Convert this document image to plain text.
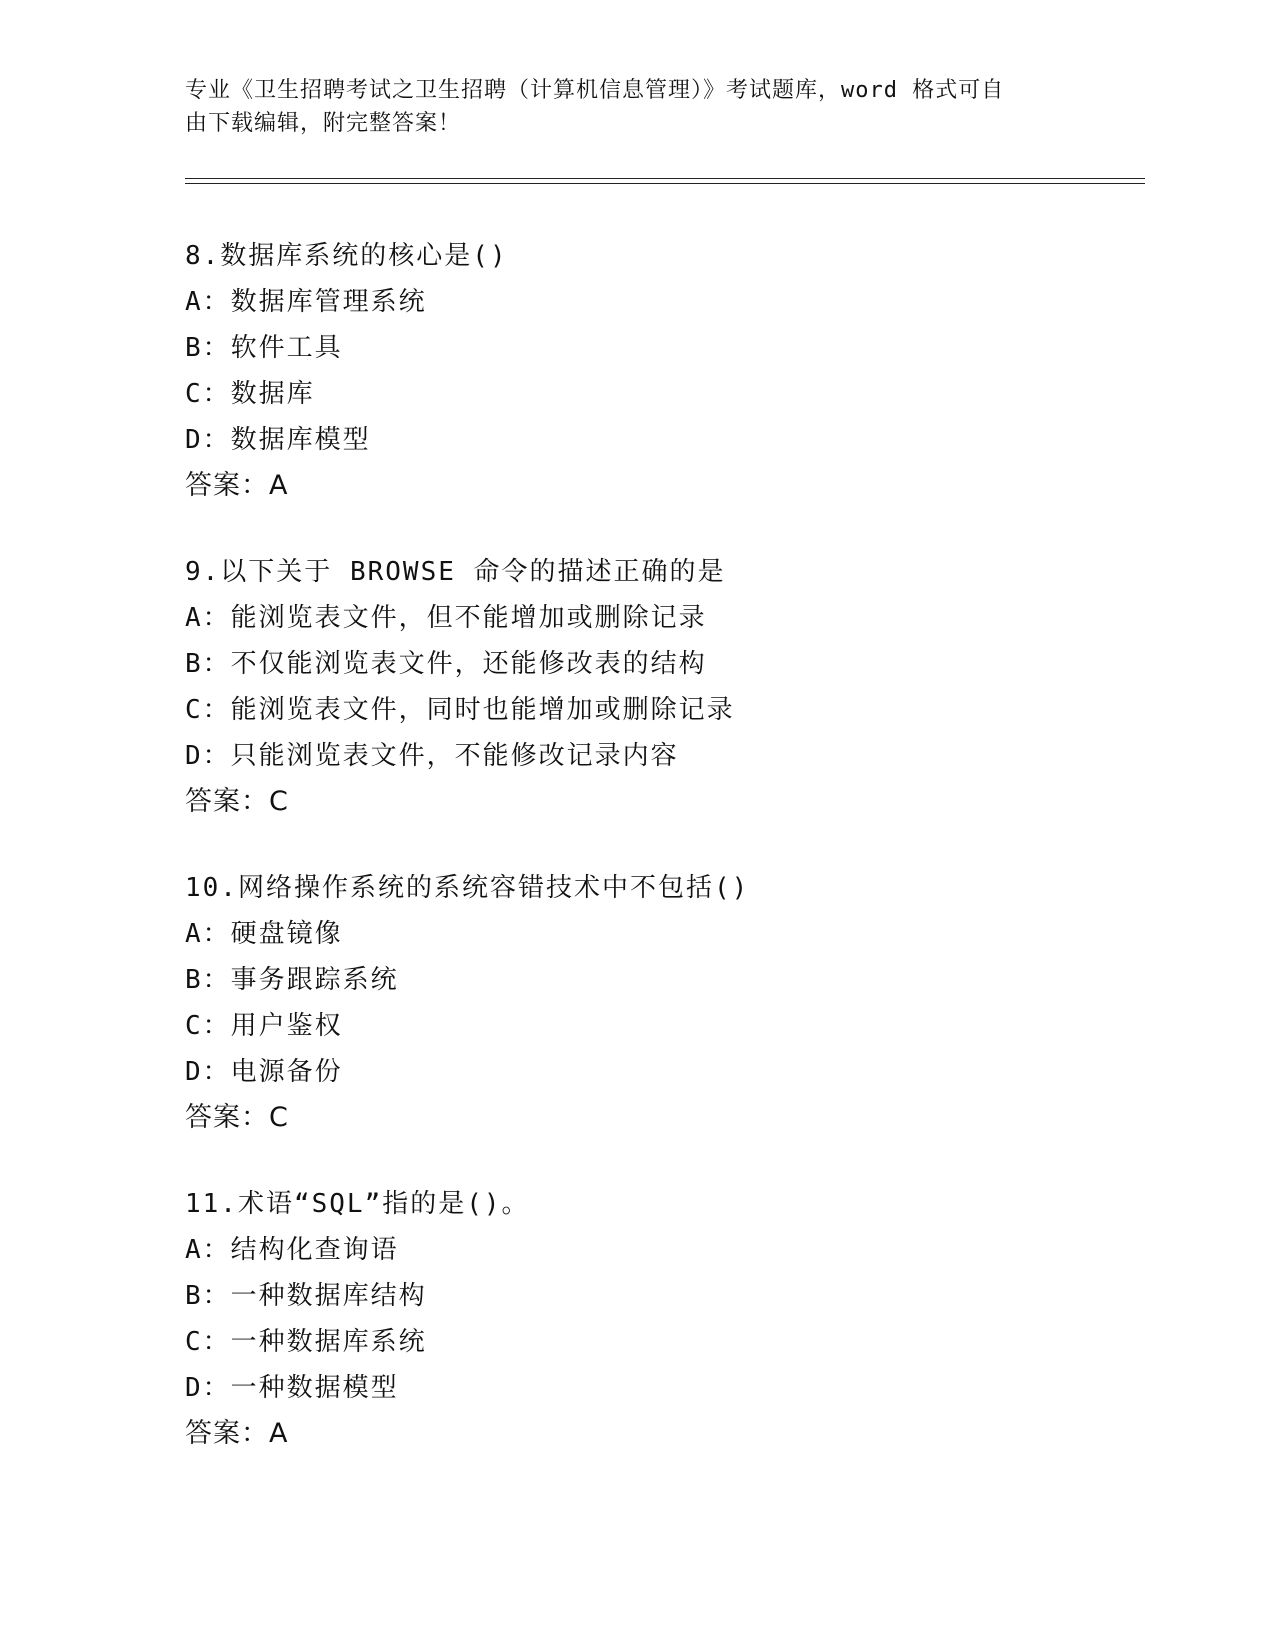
专业《卫生招聘考试之卫生招聘（计算机信息管理）》考试题库，word 格式可自
由下载编辑，附完整答案！
8.数据库系统的核心是()
A：数据库管理系统
B：软件工具
C：数据库
D：数据库模型
答案：A
9.以下关于 BROWSE 命令的描述正确的是
A：能浏览表文件，但不能增加或删除记录
B：不仅能浏览表文件，还能修改表的结构
C：能浏览表文件，同时也能增加或删除记录
D：只能浏览表文件，不能修改记录内容
答案：C
10.网络操作系统的系统容错技术中不包括()
A：硬盘镜像
B：事务跟踪系统
C：用户鉴权
D：电源备份
答案：C
11.术语“SQL”指的是()。
A：结构化查询语
B：一种数据库结构
C：一种数据库系统
D：一种数据模型
答案：A
